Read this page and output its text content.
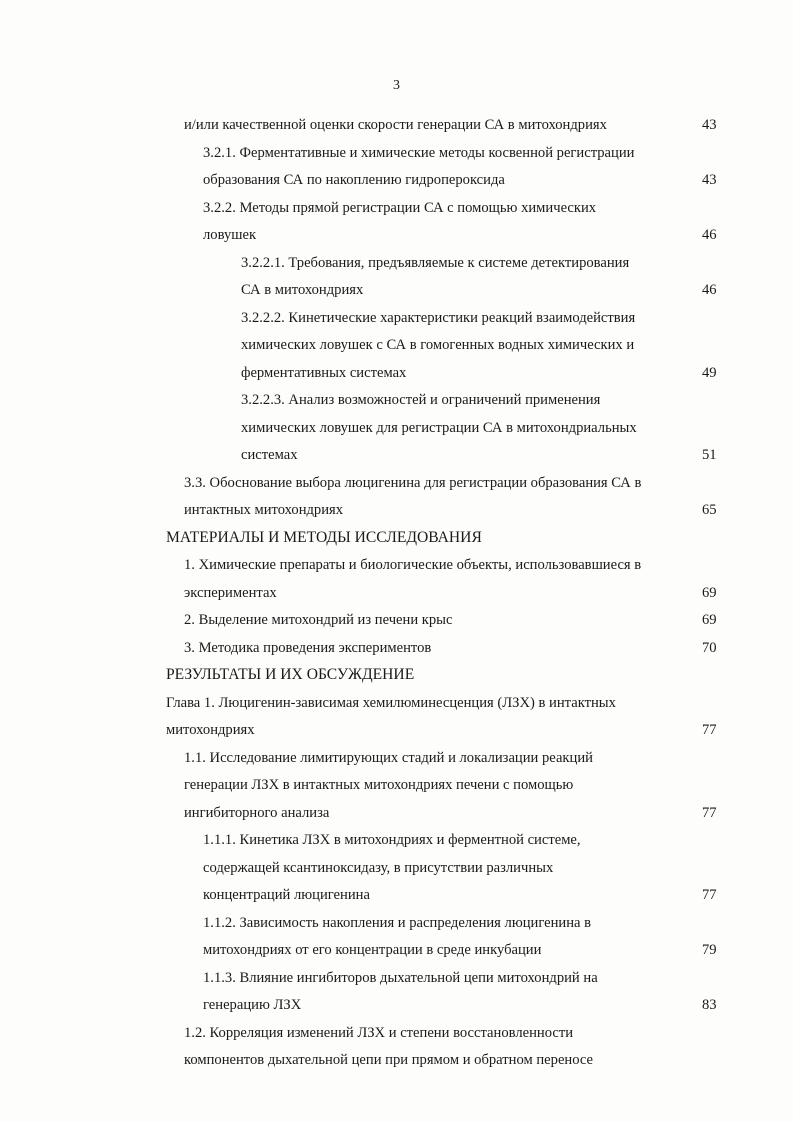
3
и/или качественной оценки скорости генерации СА в митохондриях	43
3.2.1. Ферментативные и химические методы косвенной регистрации
образования СА по накоплению гидропероксида	43
3.2.2. Методы прямой регистрации СА с помощью химических
ловушек	46
3.2.2.1. Требования, предъявляемые к системе детектирования
СА в митохондриях	46
3.2.2.2. Кинетические характеристики реакций взаимодействия
химических ловушек с СА в гомогенных водных химических и
ферментативных системах	49
3.2.2.3. Анализ возможностей и ограничений применения
химических ловушек для регистрации СА в митохондриальных
системах	51
3.3. Обоснование выбора люцигенина для регистрации образования СА в
интактных митохондриях	65
МАТЕРИАЛЫ И МЕТОДЫ ИССЛЕДОВАНИЯ
1. Химические препараты и биологические объекты, использовавшиеся в
экспериментах	69
2. Выделение митохондрий из печени крыс	69
3. Методика проведения экспериментов	70
РЕЗУЛЬТАТЫ И ИХ ОБСУЖДЕНИЕ
Глава 1. Люцигенин-зависимая хемилюминесценция (ЛЗХ) в интактных
митохондриях	77
1.1. Исследование лимитирующих стадий и локализации реакций
генерации ЛЗХ в интактных митохондриях печени с помощью
ингибиторного анализа	77
1.1.1. Кинетика ЛЗХ в митохондриях и ферментной системе,
содержащей ксантиноксидазу, в присутствии различных
концентраций люцигенина	77
1.1.2. Зависимость накопления и распределения люцигенина в
митохондриях от его концентрации в среде инкубации	79
1.1.3. Влияние ингибиторов дыхательной цепи митохондрий на
генерацию ЛЗХ	83
1.2. Корреляция изменений ЛЗХ и степени восстановленности
компонентов дыхательной цепи при прямом и обратном переносе
